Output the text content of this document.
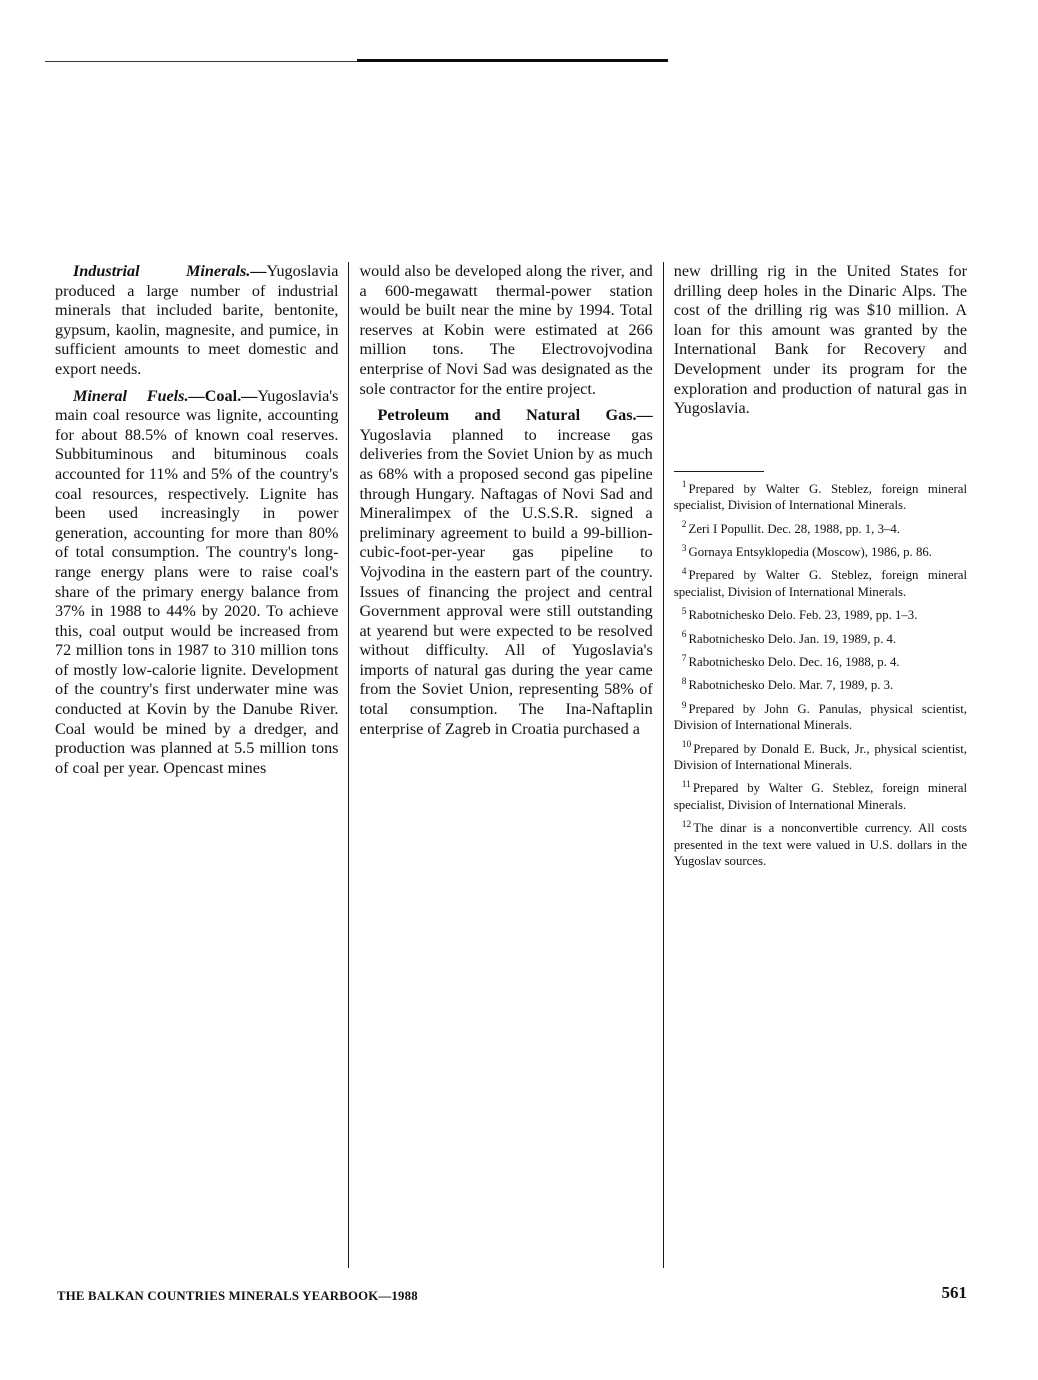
Industrial Minerals.—Yugoslavia produced a large number of industrial minerals that included barite, bentonite, gypsum, kaolin, magnesite, and pumice, in sufficient amounts to meet domestic and export needs.

Mineral Fuels.—Coal.—Yugoslavia's main coal resource was lignite, accounting for about 88.5% of known coal reserves. Subbituminous and bituminous coals accounted for 11% and 5% of the country's coal resources, respectively. Lignite has been used increasingly in power generation, accounting for more than 80% of total consumption. The country's long-range energy plans were to raise coal's share of the primary energy balance from 37% in 1988 to 44% by 2020. To achieve this, coal output would be increased from 72 million tons in 1987 to 310 million tons of mostly low-calorie lignite. Development of the country's first underwater mine was conducted at Kovin by the Danube River. Coal would be mined by a dredger, and production was planned at 5.5 million tons of coal per year. Opencast mines

would also be developed along the river, and a 600-megawatt thermal-power station would be built near the mine by 1994. Total reserves at Kobin were estimated at 266 million tons. The Electrovojvodina enterprise of Novi Sad was designated as the sole contractor for the entire project.

Petroleum and Natural Gas.—Yugoslavia planned to increase gas deliveries from the Soviet Union by as much as 68% with a proposed second gas pipeline through Hungary. Naftagas of Novi Sad and Mineralimpex of the U.S.S.R. signed a preliminary agreement to build a 99-billion-cubic-foot-per-year gas pipeline to Vojvodina in the eastern part of the country. Issues of financing the project and central Government approval were still outstanding at yearend but were expected to be resolved without difficulty. All of Yugoslavia's imports of natural gas during the year came from the Soviet Union, representing 58% of total consumption. The Ina-Naftaplin enterprise of Zagreb in Croatia purchased a

new drilling rig in the United States for drilling deep holes in the Dinaric Alps. The cost of the drilling rig was $10 million. A loan for this amount was granted by the International Bank for Recovery and Development under its program for the exploration and production of natural gas in Yugoslavia.

$^1$ Prepared by Walter G. Steblez, foreign mineral specialist, Division of International Minerals.

$^2$ Zeri I Popullit. Dec. 28, 1988, pp. 1, 3–4.

$^3$ Gornaya Entsyklopedia (Moscow), 1986, p. 86.

$^4$ Prepared by Walter G. Steblez, foreign mineral specialist, Division of International Minerals.

$^5$ Rabotnichesko Delo. Feb. 23, 1989, pp. 1–3.

$^6$ Rabotnichesko Delo. Jan. 19, 1989, p. 4.

$^7$ Rabotnichesko Delo. Dec. 16, 1988, p. 4.

$^8$ Rabotnichesko Delo. Mar. 7, 1989, p. 3.

$^9$ Prepared by John G. Panulas, physical scientist, Division of International Minerals.

$^{10}$ Prepared by Donald E. Buck, Jr., physical scientist, Division of International Minerals.

$^{11}$ Prepared by Walter G. Steblez, foreign mineral specialist, Division of International Minerals.

$^{12}$ The dinar is a nonconvertible currency. All costs presented in the text were valued in U.S. dollars in the Yugoslav sources.

THE BALKAN COUNTRIES MINERALS YEARBOOK—1988	561
